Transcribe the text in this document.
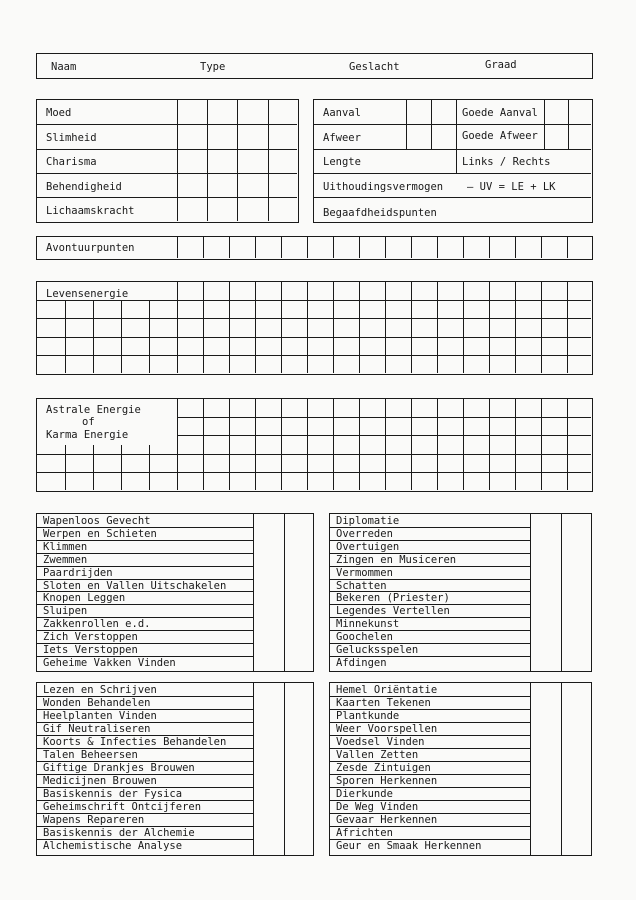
Naam	Type	Geslacht	Graad
Moed
Slimheid
Charisma
Behendigheid
Lichaamskracht
Aanval
Afweer
Lengte
Uithoudingsvermogen – UV = LE + LK
Begaafdheidspunten
Goede Aanval
Goede Afweer
Links / Rechts
Avontuurpunten
Levensenergie
Astrale Energie
of
Karma Energie
Wapenloos Gevecht
Werpen en Schieten
Klimmen
Zwemmen
Paardrijden
Sloten en Vallen Uitschakelen
Knopen Leggen
Sluipen
Zakkenrollen e.d.
Zich Verstoppen
Iets Verstoppen
Geheime Vakken Vinden
Diplomatie
Overreden
Overtuigen
Zingen en Musiceren
Vermommen
Schatten
Bekeren (Priester)
Legendes Vertellen
Minnekunst
Goochelen
Gelucksspelen
Afdingen
Lezen en Schrijven
Wonden Behandelen
Heelplanten Vinden
Gif Neutraliseren
Koorts & Infecties Behandelen
Talen Beheersen
Giftige Drankjes Brouwen
Medicijnen Brouwen
Basiskennis der Fysica
Geheimschrift Ontcijferen
Wapens Repareren
Basiskennis der Alchemie
Alchemistische Analyse
Hemel Oriëntatie
Kaarten Tekenen
Plantkunde
Weer Voorspellen
Voedsel Vinden
Vallen Zetten
Zesde Zintuigen
Sporen Herkennen
Dierkunde
De Weg Vinden
Gevaar Herkennen
Africhten
Geur en Smaak Herkennen
